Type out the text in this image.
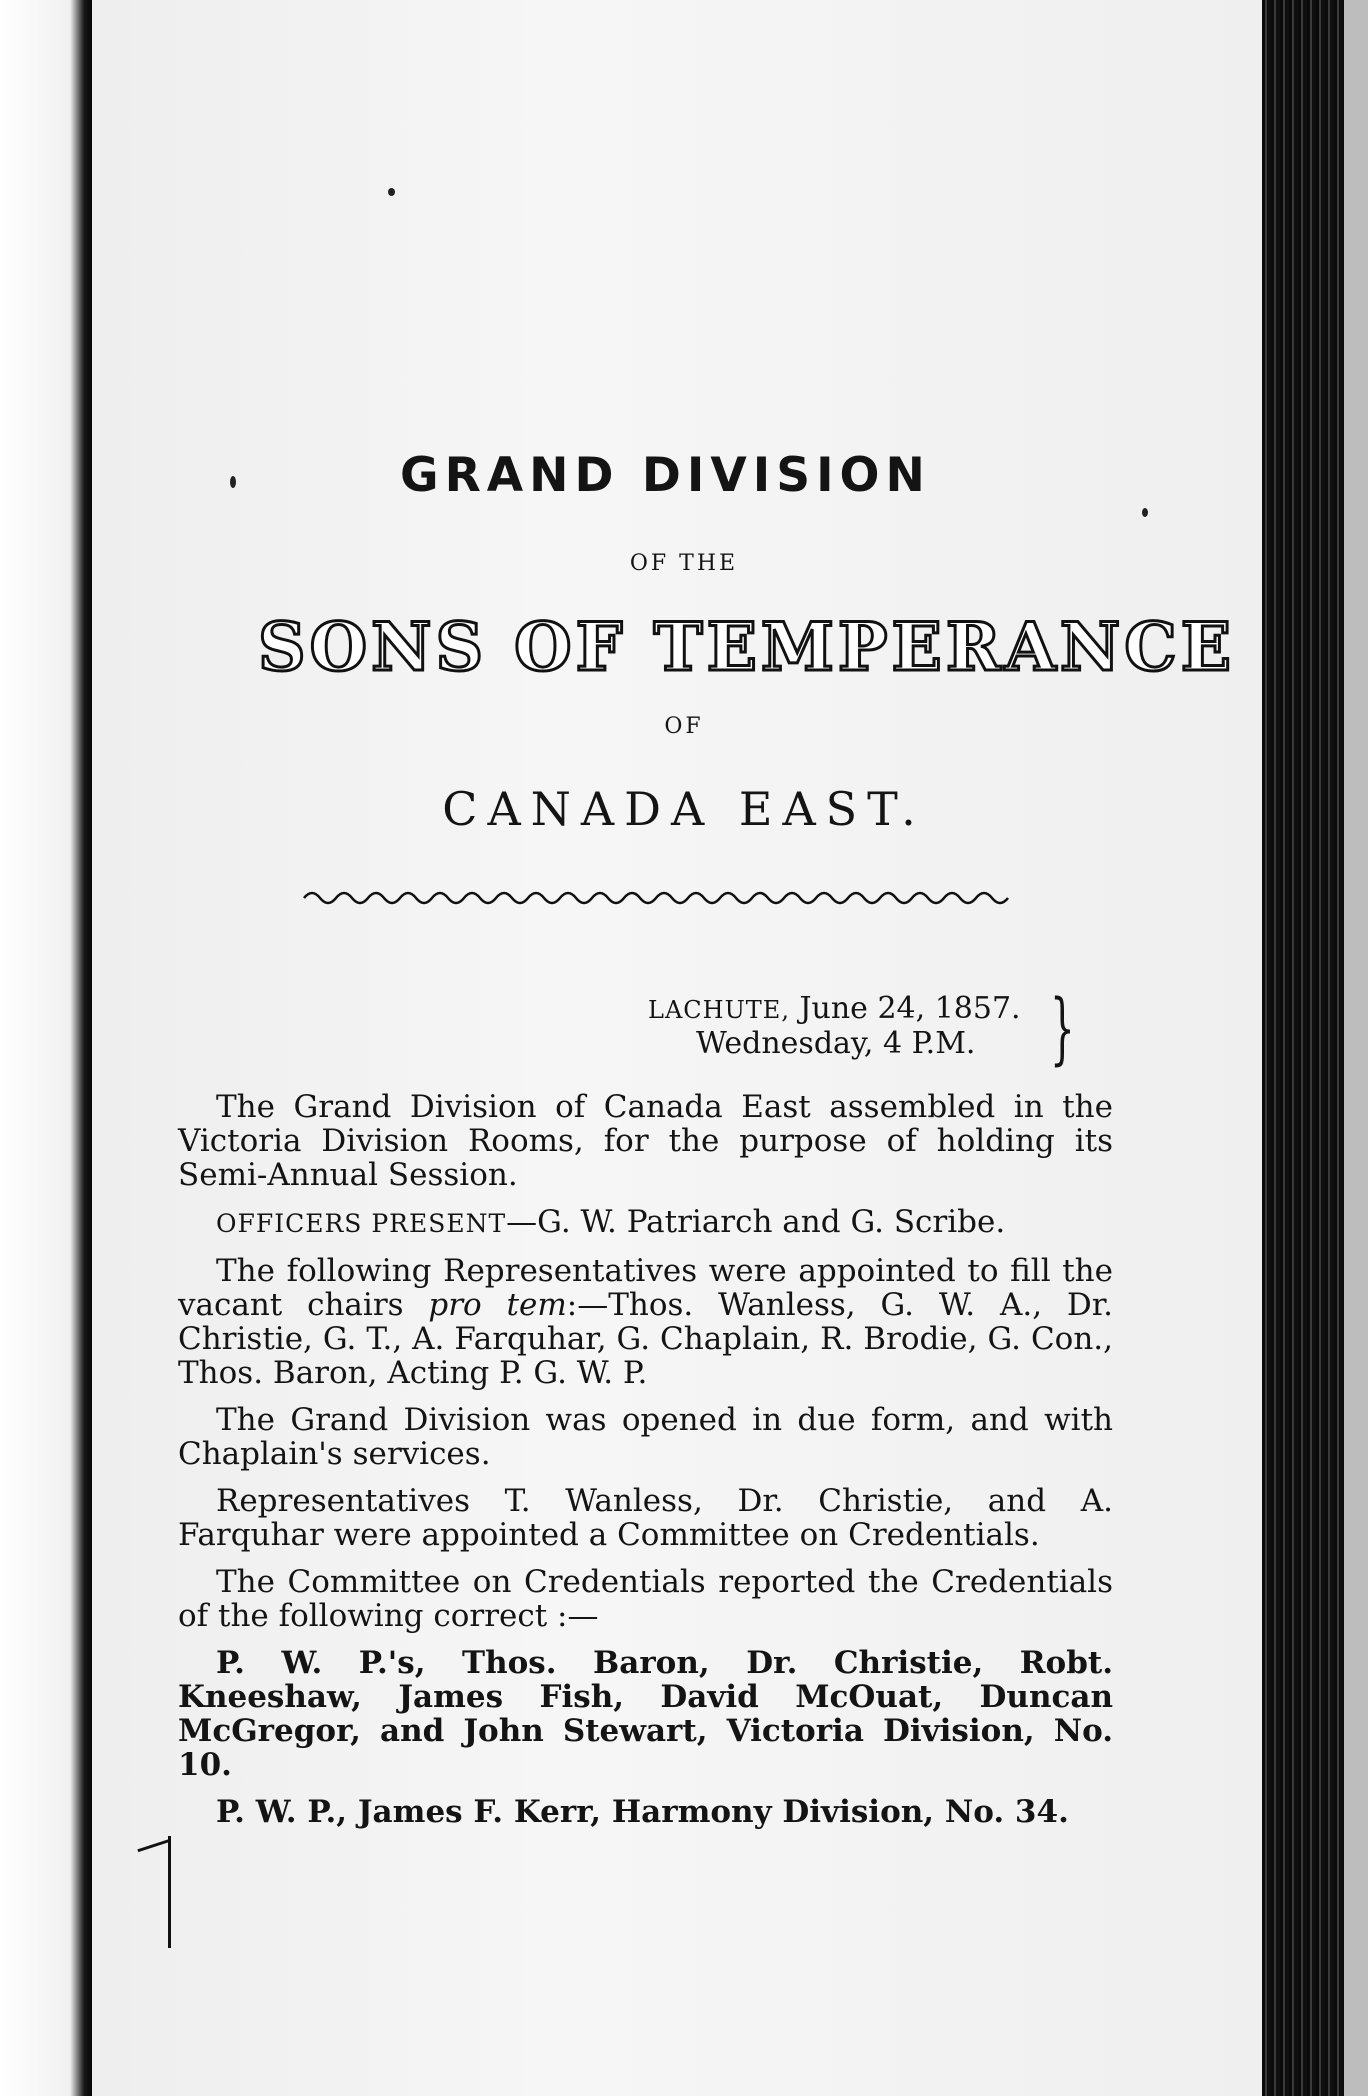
GRAND DIVISION
OF THE
SONS OF TEMPERANCE
OF
CANADA EAST.
LACHUTE, June 24, 1857.
Wednesday, 4 P.M. }

The Grand Division of Canada East assembled in the Victoria Division Rooms, for the purpose of holding its Semi-Annual Session.

OFFICERS PRESENT—G. W. Patriarch and G. Scribe.

The following Representatives were appointed to fill the vacant chairs pro tem:—Thos. Wanless, G. W. A., Dr. Christie, G. T., A. Farquhar, G. Chaplain, R. Brodie, G. Con., Thos. Baron, Acting P. G. W. P.

The Grand Division was opened in due form, and with Chaplain's services.

Representatives T. Wanless, Dr. Christie, and A. Farquhar were appointed a Committee on Credentials.

The Committee on Credentials reported the Credentials of the following correct :—

P. W. P.'s, Thos. Baron, Dr. Christie, Robt. Kneeshaw, James Fish, David McOuat, Duncan McGregor, and John Stewart, Victoria Division, No. 10.

P. W. P., James F. Kerr, Harmony Division, No. 34.
